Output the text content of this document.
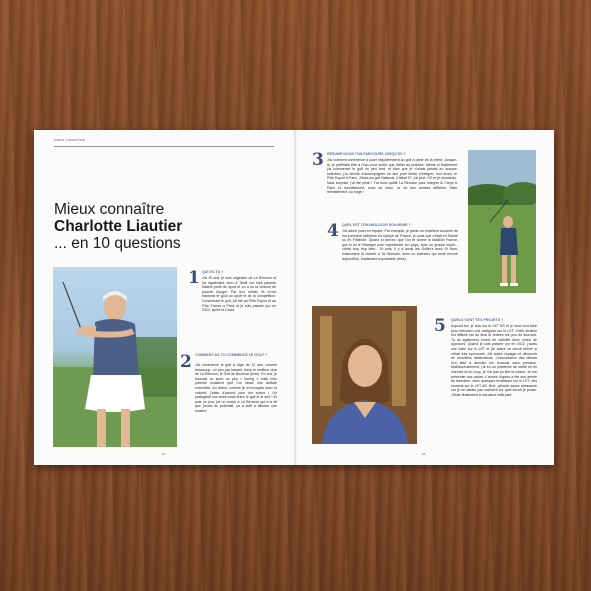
MIEUX CONNAÎTRE
Mieux connaître
Charlotte Liautier
... en 10 questions
1 QUI ES-TU ?
J'ai 25 ans, je suis originaire de La Réunion et j'ai également vécu à Tahiti car mes parents étaient profs de sport et on a eu la chance de pouvoir bouger. Par leur métier, ils m'ont transmis le goût du sport et de la compétition. Concernant le golf, j'ai été au Pôle Espoir et au Pôle France à Paris et je suis passée pro en 2022, après le Covid.
2 COMMENT AS-TU COMMENCÉ LE GOLF ?
J'ai commencé le golf à l'âge de 12 ans, comme beaucoup, un peu par hasard, dans le meilleur club de La Réunion, le Golf de Bourbon (rires). En vrai, je trouvais ce sport un peu « boring » mais mes parents voulaient que l'on fasse une activité ensemble. Au début, comme je m'ennuyais avec la volonté, j'étais d'accord pour les suivre ! On partageait nos week-ends entre le golf et le surf ! Et puis un jour, j'ai un coach à La Réunion qui m'a dit que j'avais du potentiel, ça a suffi à allumer une lumière.
3 RÉSUME NOUS TON PARCOURS JUSQU'ICI ?
J'ai vraiment commencé à jouer régulièrement au golf à partir de la 4ème. Jusque-là, je préférais être à l'eau pour surfer que d'aller au practice. Même si finalement j'ai commencé le golf un peu tard, et bien que je n'avais jamais eu aucune sélection, j'ai décidé d'accompagner un ami pour tenter d'intégrer, moi aussi, le Pôle Espoir à Paris. J'étais au golf National, il fallait 07, j'ai joué +20 et je réussirais. Mais surprise, j'ai été prise ! J'ai donc quitté La Réunion pour intégrer le Creps à Paris et honnêtement, avec du recul, ce fut des années difficiles. Mais mentalement, ça forge !
4 QUEL EST TON MEILLEUR SOUVENIR ?
J'ai adoré jouer en équipe. Par exemple, je garde un excellent souvenir de ma première sélection en équipe de France, je crois que c'était en Suède ou en Finlande. Quand tu arrives, que l'on te donne la dotation France, que tu es à l'étranger pour représenter ton pays, avec un groupe super... c'était trop trop bien... Et puis, il y a aussi les Golfer's avec St Nom, notamment la victoire à St Germain, avec un scénario qui reste encore aujourd'hui, totalement improbable (rires).
5 QUELS SONT TES PROJETS ?
Aujourd'hui, je suis sur le LET AS et je veux tout faire pour retrouver une catégorie sur le LET. Cette division est difficile car au final tu rentres sur peu de tournois. Tu as également moins de visibilité donc moins de sponsors. Quand je suis passée pro en 2022, j'avais une carte sur le LET et j'ai adoré ce circuit même si c'était très éprouvant. J'ai adoré voyager et découvrir de nouvelles destinations. L'insouciance des débuts m'a aidé à aborder les tournois sans pression. Malheureusement, j'ai eu un problème de santé en fin d'année et du coup, je n'ai pas pu finir la saison. Je me présenter aux cartes. L'année d'après a été une année de transition, avec quelques invitations sur le LET, des tournois sur le LET AS. Bref, période assez stressante car je ne savais pas vraiment sur quel circuit je jouais. J'étais finalement à ma place nulle part.
66	68
